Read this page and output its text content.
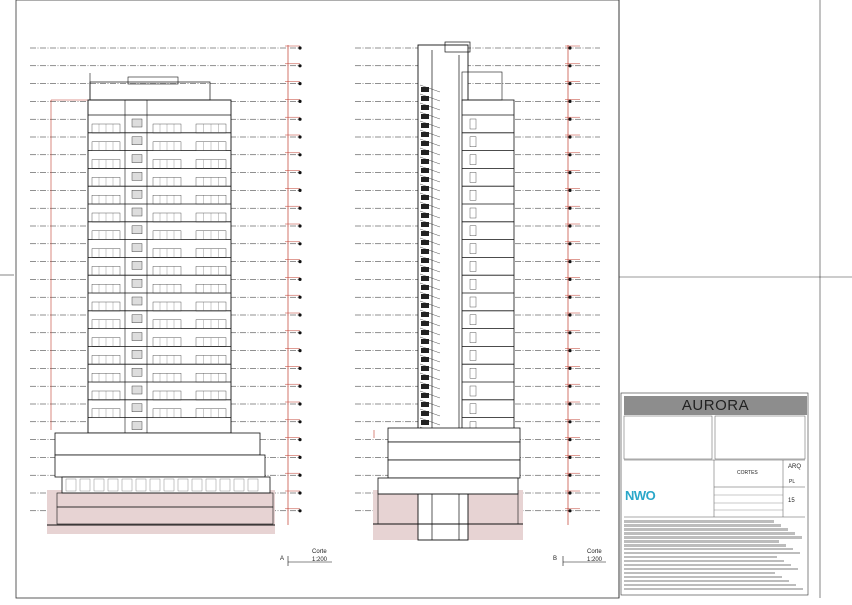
AURORA
CORTES
ARQ
PL
15
NWO
A
Corte
1:200	B
Corte
1:200
